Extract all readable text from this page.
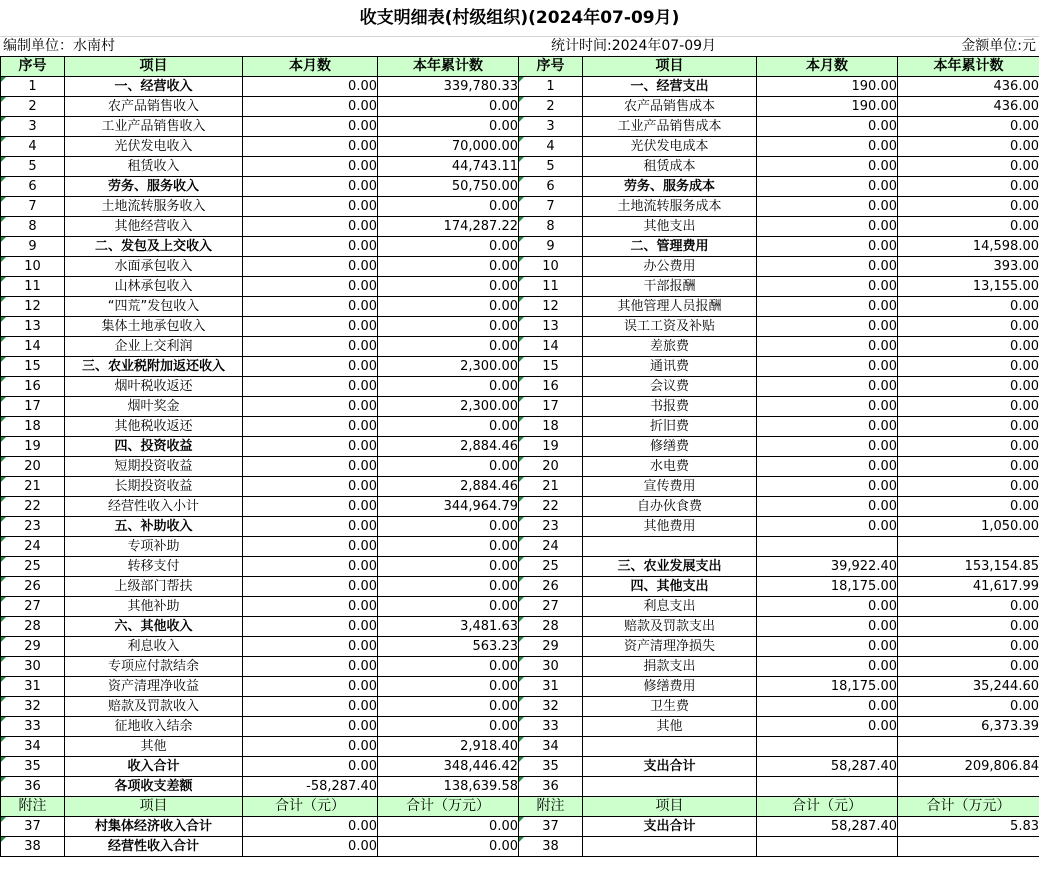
收支明细表(村级组织)(2024年07-09月)
编制单位：水南村	统计时间:2024年07-09月	金额单位:元
序号	项目	本月数	本年累计数	序号	项目	本月数	本年累计数
1	一、经营收入	0.00	339,780.33	1	一、经营支出	190.00	436.00
2	农产品销售收入	0.00	0.00	2	农产品销售成本	190.00	436.00
3	工业产品销售收入	0.00	0.00	3	工业产品销售成本	0.00	0.00
4	光伏发电收入	0.00	70,000.00	4	光伏发电成本	0.00	0.00
5	租赁收入	0.00	44,743.11	5	租赁成本	0.00	0.00
6	劳务、服务收入	0.00	50,750.00	6	劳务、服务成本	0.00	0.00
7	土地流转服务收入	0.00	0.00	7	土地流转服务成本	0.00	0.00
8	其他经营收入	0.00	174,287.22	8	其他支出	0.00	0.00
9	二、发包及上交收入	0.00	0.00	9	二、管理费用	0.00	14,598.00
10	水面承包收入	0.00	0.00	10	办公费用	0.00	393.00
11	山林承包收入	0.00	0.00	11	干部报酬	0.00	13,155.00
12	“四荒”发包收入	0.00	0.00	12	其他管理人员报酬	0.00	0.00
13	集体土地承包收入	0.00	0.00	13	误工工资及补贴	0.00	0.00
14	企业上交利润	0.00	0.00	14	差旅费	0.00	0.00
15	三、农业税附加返还收入	0.00	2,300.00	15	通讯费	0.00	0.00
16	烟叶税收返还	0.00	0.00	16	会议费	0.00	0.00
17	烟叶奖金	0.00	2,300.00	17	书报费	0.00	0.00
18	其他税收返还	0.00	0.00	18	折旧费	0.00	0.00
19	四、投资收益	0.00	2,884.46	19	修缮费	0.00	0.00
20	短期投资收益	0.00	0.00	20	水电费	0.00	0.00
21	长期投资收益	0.00	2,884.46	21	宣传费用	0.00	0.00
22	经营性收入小计	0.00	344,964.79	22	自办伙食费	0.00	0.00
23	五、补助收入	0.00	0.00	23	其他费用	0.00	1,050.00
24	专项补助	0.00	0.00	24			
25	转移支付	0.00	0.00	25	三、农业发展支出	39,922.40	153,154.85
26	上级部门帮扶	0.00	0.00	26	四、其他支出	18,175.00	41,617.99
27	其他补助	0.00	0.00	27	利息支出	0.00	0.00
28	六、其他收入	0.00	3,481.63	28	赔款及罚款支出	0.00	0.00
29	利息收入	0.00	563.23	29	资产清理净损失	0.00	0.00
30	专项应付款结余	0.00	0.00	30	捐款支出	0.00	0.00
31	资产清理净收益	0.00	0.00	31	修缮费用	18,175.00	35,244.60
32	赔款及罚款收入	0.00	0.00	32	卫生费	0.00	0.00
33	征地收入结余	0.00	0.00	33	其他	0.00	6,373.39
34	其他	0.00	2,918.40	34			
35	收入合计	0.00	348,446.42	35	支出合计	58,287.40	209,806.84
36	各项收支差额	-58,287.40	138,639.58	36			
附注	项目	合计（元）	合计（万元）	附注	项目	合计（元）	合计（万元）
37	村集体经济收入合计	0.00	0.00	37	支出合计	58,287.40	5.83
38	经营性收入合计	0.00	0.00	38			
